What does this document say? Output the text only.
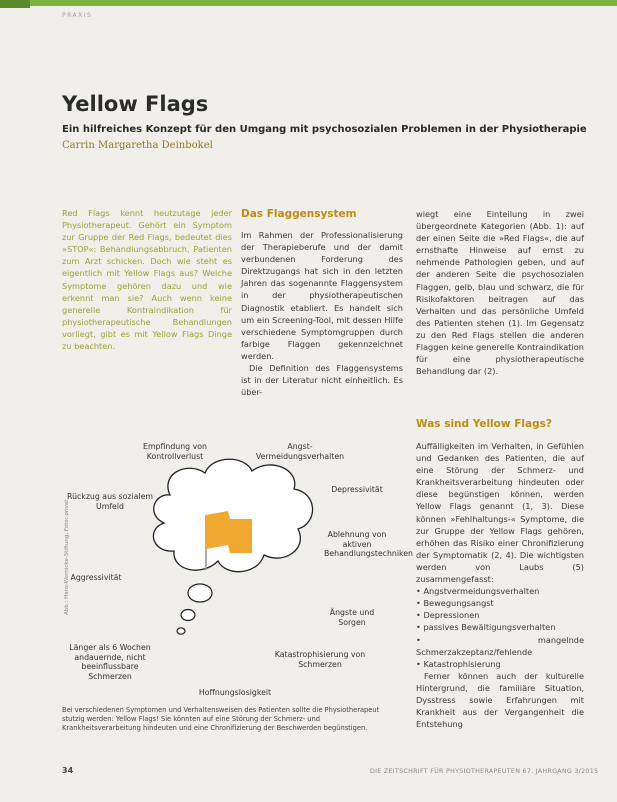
PRAXIS
Yellow Flags
Ein hilfreiches Konzept für den Umgang mit psychosozialen Problemen in der Physiotherapie
Carrin Margaretha Deinbokel
Red Flags kennt heutzutage jeder Physiotherapeut. Gehört ein Symptom zur Gruppe der Red Flags, bedeutet dies »STOP«: Behandlungsabbruch, Patienten zum Arzt schicken. Doch wie steht es eigentlich mit Yellow Flags aus? Welche Symptome gehören dazu und wie erkennt man sie? Auch wenn keine generelle Kontraindikation für physiotherapeutische Behandlungen vorliegt, gibt es mit Yellow Flags Dinge zu beachten.
Das Flaggensystem

Im Rahmen der Professionalisierung der Therapieberufe und der damit verbundenen Forderung des Direktzugangs hat sich in den letzten Jahren das sogenannte Flaggensystem in der physiotherapeutischen Diagnostik etabliert. Es handelt sich um ein Screening-Tool, mit dessen Hilfe verschiedene Symptomgruppen durch farbige Flaggen gekennzeichnet werden.

Die Definition des Flaggensystems ist in der Literatur nicht einheitlich. Es über-

wiegt eine Einteilung in zwei übergeordnete Kategorien (Abb. 1): auf der einen Seite die »Red Flags«, die auf ernsthafte Hinweise auf ernst zu nehmende Pathologien geben, und auf der anderen Seite die psychosozialen Flaggen, gelb, blau und schwarz, die für Risikofaktoren beitragen auf das Verhalten und das persönliche Umfeld des Patienten stehen (1). Im Gegensatz zu den Red Flags stellen die anderen Flaggen keine generelle Kontraindikation für eine physiotherapeutische Behandlung dar (2).

Was sind Yellow Flags?

Auffälligkeiten im Verhalten, in Gefühlen und Gedanken des Patienten, die auf eine Störung der Schmerz- und Krankheitsverarbeitung hindeuten oder diese begünstigen können, werden Yellow Flags genannt (1, 3). Diese können »Fehlhaltungs-« Symptome, die zur Gruppe der Yellow Flags gehören, erhöhen das Risiko einer Chronifizierung der Symptomatik (2, 4). Die wichtigsten werden von Laubs (5) zusammengefasst:

• Angstvermeidungsverhalten
• Bewegungsangst
• Depressionen
• passives Bewältigungsverhalten
• mangelnde Schmerzakzeptanz/fehlende
• Katastrophisierung

Ferner können auch der kulturelle Hintergrund, die familiäre Situation, Dysstress sowie Erfahrungen mit Krankheit aus der Vergangenheit die Entstehung

Empfindung von Kontrollverlust
Angst-Vermeidungsverhalten
Rückzug aus sozialem Umfeld
Depressivität
Ablehnung von aktiven Behandlungstechniken
Aggressivität
Ängste und Sorgen
Länger als 6 Wochen andauernde, nicht beeinflussbare Schmerzen
Katastrophisierung von Schmerzen
Hoffnungslosigkeit
Abb.: Hans-Wernicke-Stiftung, Foto: privat
Bei verschiedenen Symptomen und Verhaltensweisen des Patienten sollte die Physiotherapeut stutzig werden: Yellow Flags! Sie könnten auf eine Störung der Schmerz- und Krankheitsverarbeitung hindeuten und eine Chronifizierung der Beschwerden begünstigen.
34	DIE ZEITSCHRIFT FÜR PHYSIOTHERAPEUTEN 67. JAHRGANG 3/2015
